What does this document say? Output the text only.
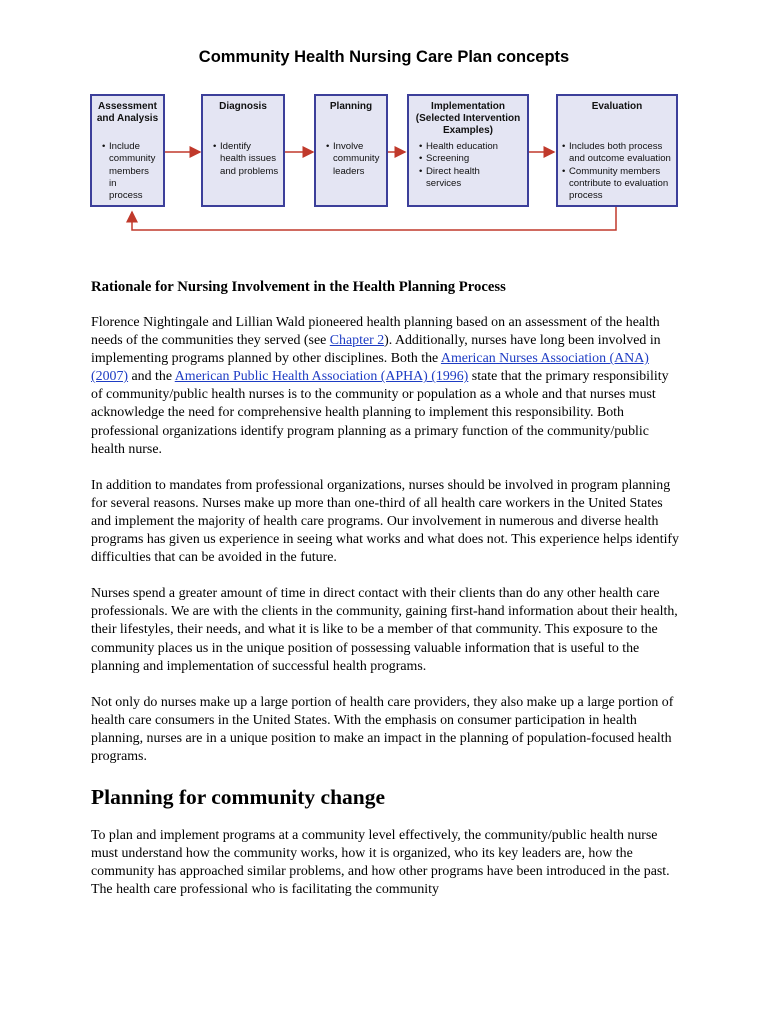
Community Health Nursing Care Plan concepts
Assessment
and Analysis
• Include
community
members in
process
Diagnosis
• Identify
health issues
and problems
Planning
• Involve
community
leaders
Implementation
(Selected Intervention
Examples)
• Health education
• Screening
• Direct health
services
Evaluation
• Includes both process
and outcome evaluation
• Community members
contribute to evaluation
process
Rationale for Nursing Involvement in the Health Planning Process

Florence Nightingale and Lillian Wald pioneered health planning based on an assessment of the health needs of the communities they served (see Chapter 2). Additionally, nurses have long been involved in implementing programs planned by other disciplines. Both the American Nurses Association (ANA) (2007) and the American Public Health Association (APHA) (1996) state that the primary responsibility of community/public health nurses is to the community or population as a whole and that nurses must acknowledge the need for comprehensive health planning to implement this responsibility. Both professional organizations identify program planning as a primary function of the community/public health nurse.

In addition to mandates from professional organizations, nurses should be involved in program planning for several reasons. Nurses make up more than one-third of all health care workers in the United States and implement the majority of health care programs. Our involvement in numerous and diverse health programs has given us experience in seeing what works and what does not. This experience helps identify difficulties that can be avoided in the future.

Nurses spend a greater amount of time in direct contact with their clients than do any other health care professionals. We are with the clients in the community, gaining first-hand information about their health, their lifestyles, their needs, and what it is like to be a member of that community. This exposure to the community places us in the unique position of possessing valuable information that is useful to the planning and implementation of successful health programs.

Not only do nurses make up a large portion of health care providers, they also make up a large portion of health care consumers in the United States. With the emphasis on consumer participation in health planning, nurses are in a unique position to make an impact in the planning of population-focused health programs.

Planning for community change

To plan and implement programs at a community level effectively, the community/public health nurse must understand how the community works, how it is organized, who its key leaders are, how the community has approached similar problems, and how other programs have been introduced in the past. The health care professional who is facilitating the community
